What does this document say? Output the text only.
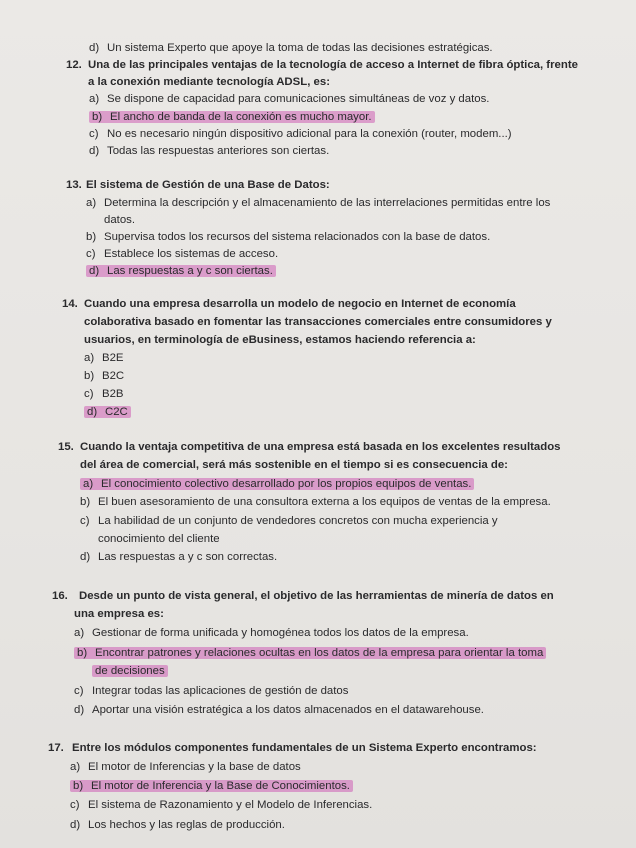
d) Un sistema Experto que apoye la toma de todas las decisiones estratégicas.
12. Una de las principales ventajas de la tecnología de acceso a Internet de fibra óptica, frente
a la conexión mediante tecnología ADSL, es:
a) Se dispone de capacidad para comunicaciones simultáneas de voz y datos.
b) El ancho de banda de la conexión es mucho mayor.
c) No es necesario ningún dispositivo adicional para la conexión (router, modem...)
d) Todas las respuestas anteriores son ciertas.
13. El sistema de Gestión de una Base de Datos:
a) Determina la descripción y el almacenamiento de las interrelaciones permitidas entre los
datos.
b) Supervisa todos los recursos del sistema relacionados con la base de datos.
c) Establece los sistemas de acceso.
d) Las respuestas a y c son ciertas.
14. Cuando una empresa desarrolla un modelo de negocio en Internet de economía
colaborativa basado en fomentar las transacciones comerciales entre consumidores y
usuarios, en terminología de eBusiness, estamos haciendo referencia a:
a) B2E
b) B2C
c) B2B
d) C2C
15. Cuando la ventaja competitiva de una empresa está basada en los excelentes resultados
del área de comercial, será más sostenible en el tiempo si es consecuencia de:
a) El conocimiento colectivo desarrollado por los propios equipos de ventas.
b) El buen asesoramiento de una consultora externa a los equipos de ventas de la empresa.
c) La habilidad de un conjunto de vendedores concretos con mucha experiencia y
conocimiento del cliente
d) Las respuestas a y c son correctas.
16. Desde un punto de vista general, el objetivo de las herramientas de minería de datos en
una empresa es:
a) Gestionar de forma unificada y homogénea todos los datos de la empresa.
b) Encontrar patrones y relaciones ocultas en los datos de la empresa para orientar la toma
de decisiones
c) Integrar todas las aplicaciones de gestión de datos
d) Aportar una visión estratégica a los datos almacenados en el datawarehouse.
17. Entre los módulos componentes fundamentales de un Sistema Experto encontramos:
a) El motor de Inferencias y la base de datos
b) El motor de Inferencia y la Base de Conocimientos.
c) El sistema de Razonamiento y el Modelo de Inferencias.
d) Los hechos y las reglas de producción.
